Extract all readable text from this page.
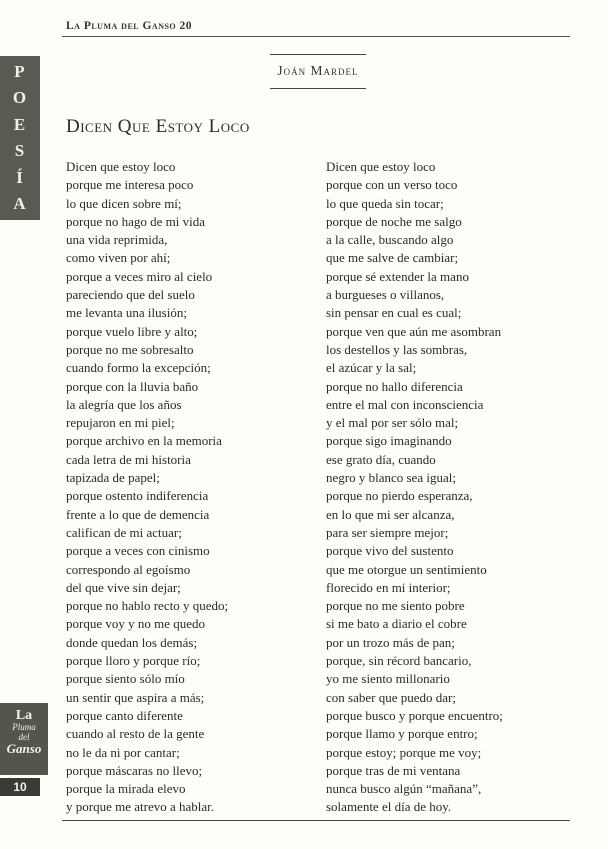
La Pluma del Ganso 20
P
O
E
S
Í
A
Joán Mardel
Dicen Que Estoy Loco
Dicen que estoy loco
porque me interesa poco
lo que dicen sobre mí;
porque no hago de mi vida
una vida reprimida,
como viven por ahí;
porque a veces miro al cielo
pareciendo que del suelo
me levanta una ilusión;
porque vuelo libre y alto;
porque no me sobresalto
cuando formo la excepción;
porque con la lluvia baño
la alegría que los años
repujaron en mi piel;
porque archivo en la memoria
cada letra de mi historia
tapizada de papel;
porque ostento indiferencia
frente a lo que de demencia
califican de mi actuar;
porque a veces con cinismo
correspondo al egoísmo
del que vive sin dejar;
porque no hablo recto y quedo;
porque voy y no me quedo
donde quedan los demás;
porque lloro y porque río;
porque siento sólo mío
un sentir que aspira a más;
porque canto diferente
cuando al resto de la gente
no le da ni por cantar;
porque máscaras no llevo;
porque la mirada elevo
y porque me atrevo a hablar.
Dicen que estoy loco
porque con un verso toco
lo que queda sin tocar;
porque de noche me salgo
a la calle, buscando algo
que me salve de cambiar;
porque sé extender la mano
a burgueses o villanos,
sin pensar en cual es cual;
porque ven que aún me asombran
los destellos y las sombras,
el azúcar y la sal;
porque no hallo diferencia
entre el mal con inconsciencia
y el mal por ser sólo mal;
porque sigo imaginando
ese grato día, cuando
negro y blanco sea igual;
porque no pierdo esperanza,
en lo que mi ser alcanza,
para ser siempre mejor;
porque vivo del sustento
que me otorgue un sentimiento
florecido en mi interior;
porque no me siento pobre
si me bato a diario el cobre
por un trozo más de pan;
porque, sin récord bancario,
yo me siento millonario
con saber que puedo dar;
porque busco y porque encuentro;
porque llamo y porque entro;
porque estoy; porque me voy;
porque tras de mi ventana
nunca busco algún “mañana”,
solamente el día de hoy.
La
Pluma
del
Ganso
10
